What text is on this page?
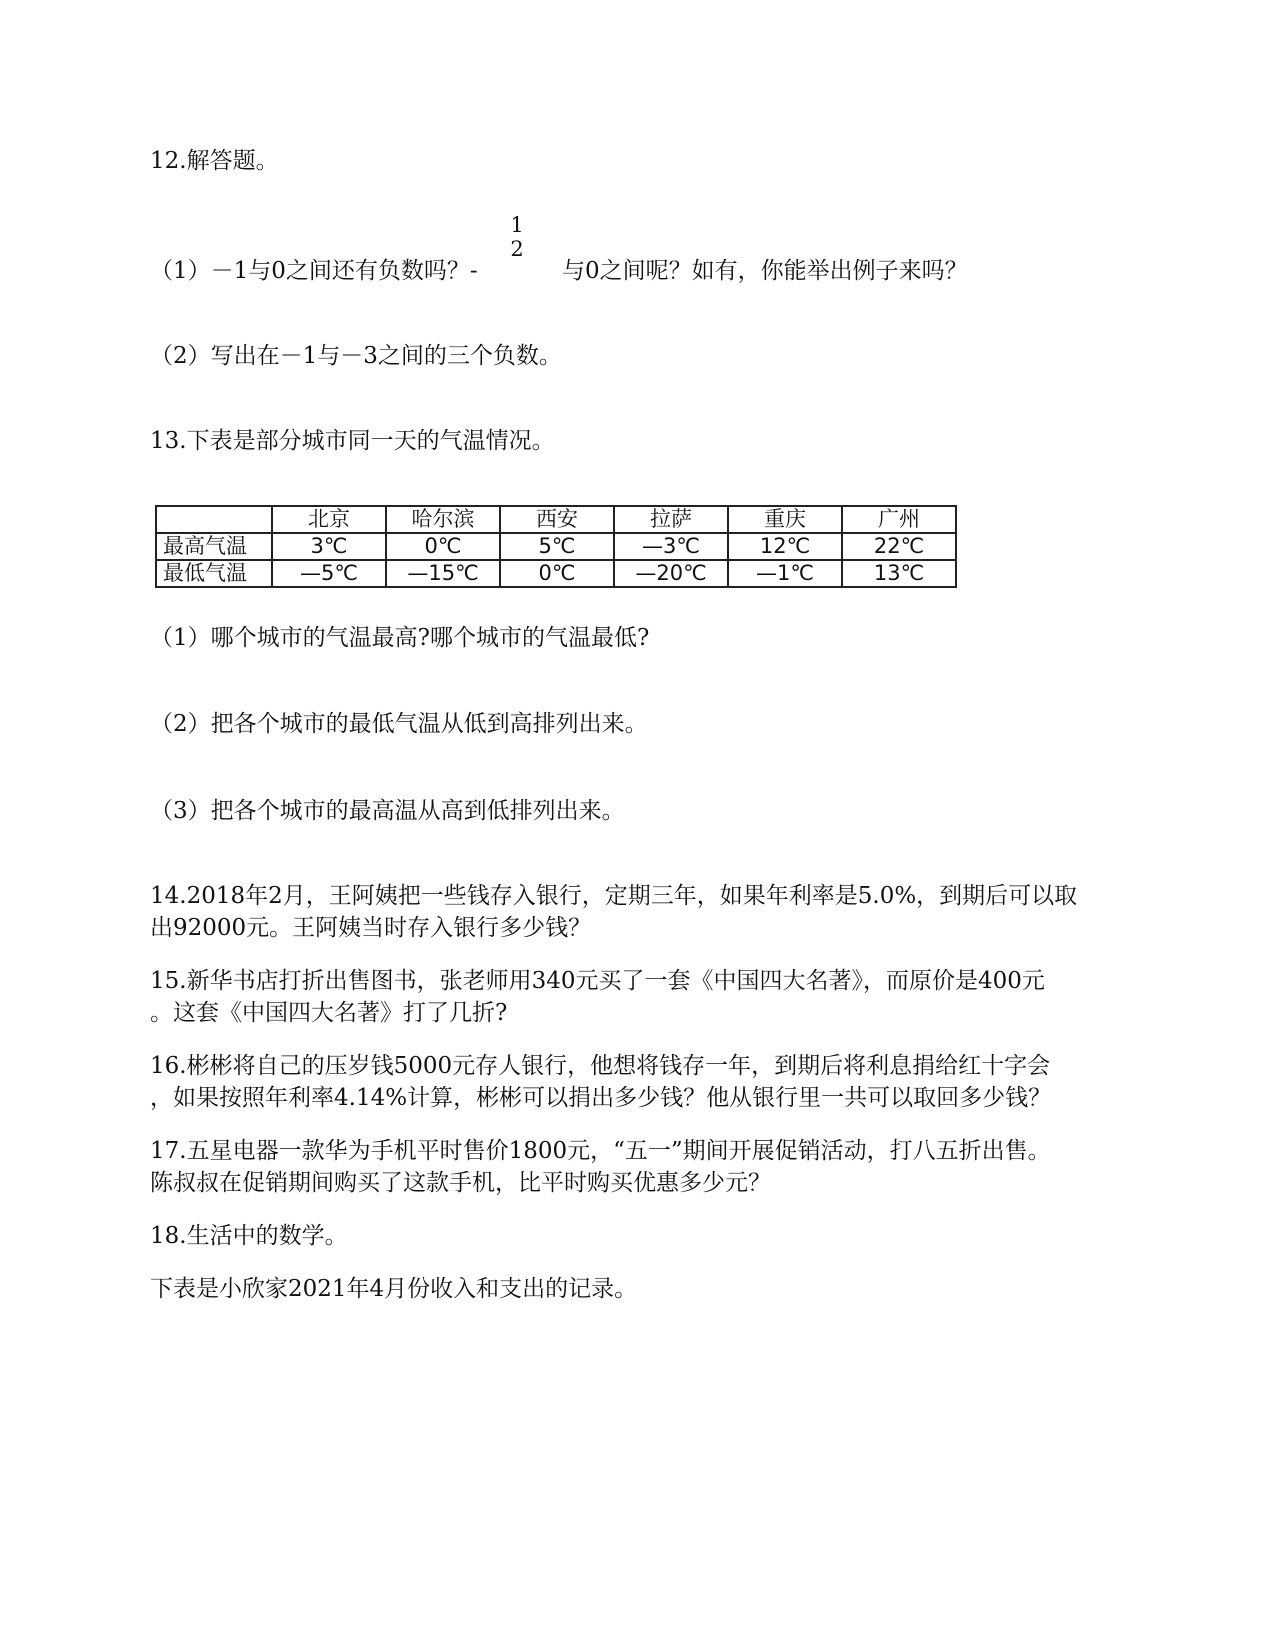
12.解答题。
（1）－1与0之间还有负数吗？-
1
2
与0之间呢？如有，你能举出例子来吗？
（2）写出在－1与－3之间的三个负数。
13.下表是部分城市同一天的气温情况。
	北京	哈尔滨	西安	拉萨	重庆	广州
最高气温	3℃	0℃	5℃	—3℃	12℃	22℃
最低气温	—5℃	—15℃	0℃	—20℃	—1℃	13℃
（1）哪个城市的气温最高?哪个城市的气温最低?
（2）把各个城市的最低气温从低到高排列出来。
（3）把各个城市的最高温从高到低排列出来。
14.2018年2月，王阿姨把一些钱存入银行，定期三年，如果年利率是5.0%，到期后可以取
出92000元。王阿姨当时存入银行多少钱？
15.新华书店打折出售图书，张老师用340元买了一套《中国四大名著》，而原价是400元
。这套《中国四大名著》打了几折?
16.彬彬将自己的压岁钱5000元存人银行，他想将钱存一年，到期后将利息捐给红十字会
，如果按照年利率4.14%计算，彬彬可以捐出多少钱？他从银行里一共可以取回多少钱？
17.五星电器一款华为手机平时售价1800元，“五一”期间开展促销活动，打八五折出售。
陈叔叔在促销期间购买了这款手机，比平时购买优惠多少元？
18.生活中的数学。
下表是小欣家2021年4月份收入和支出的记录。
